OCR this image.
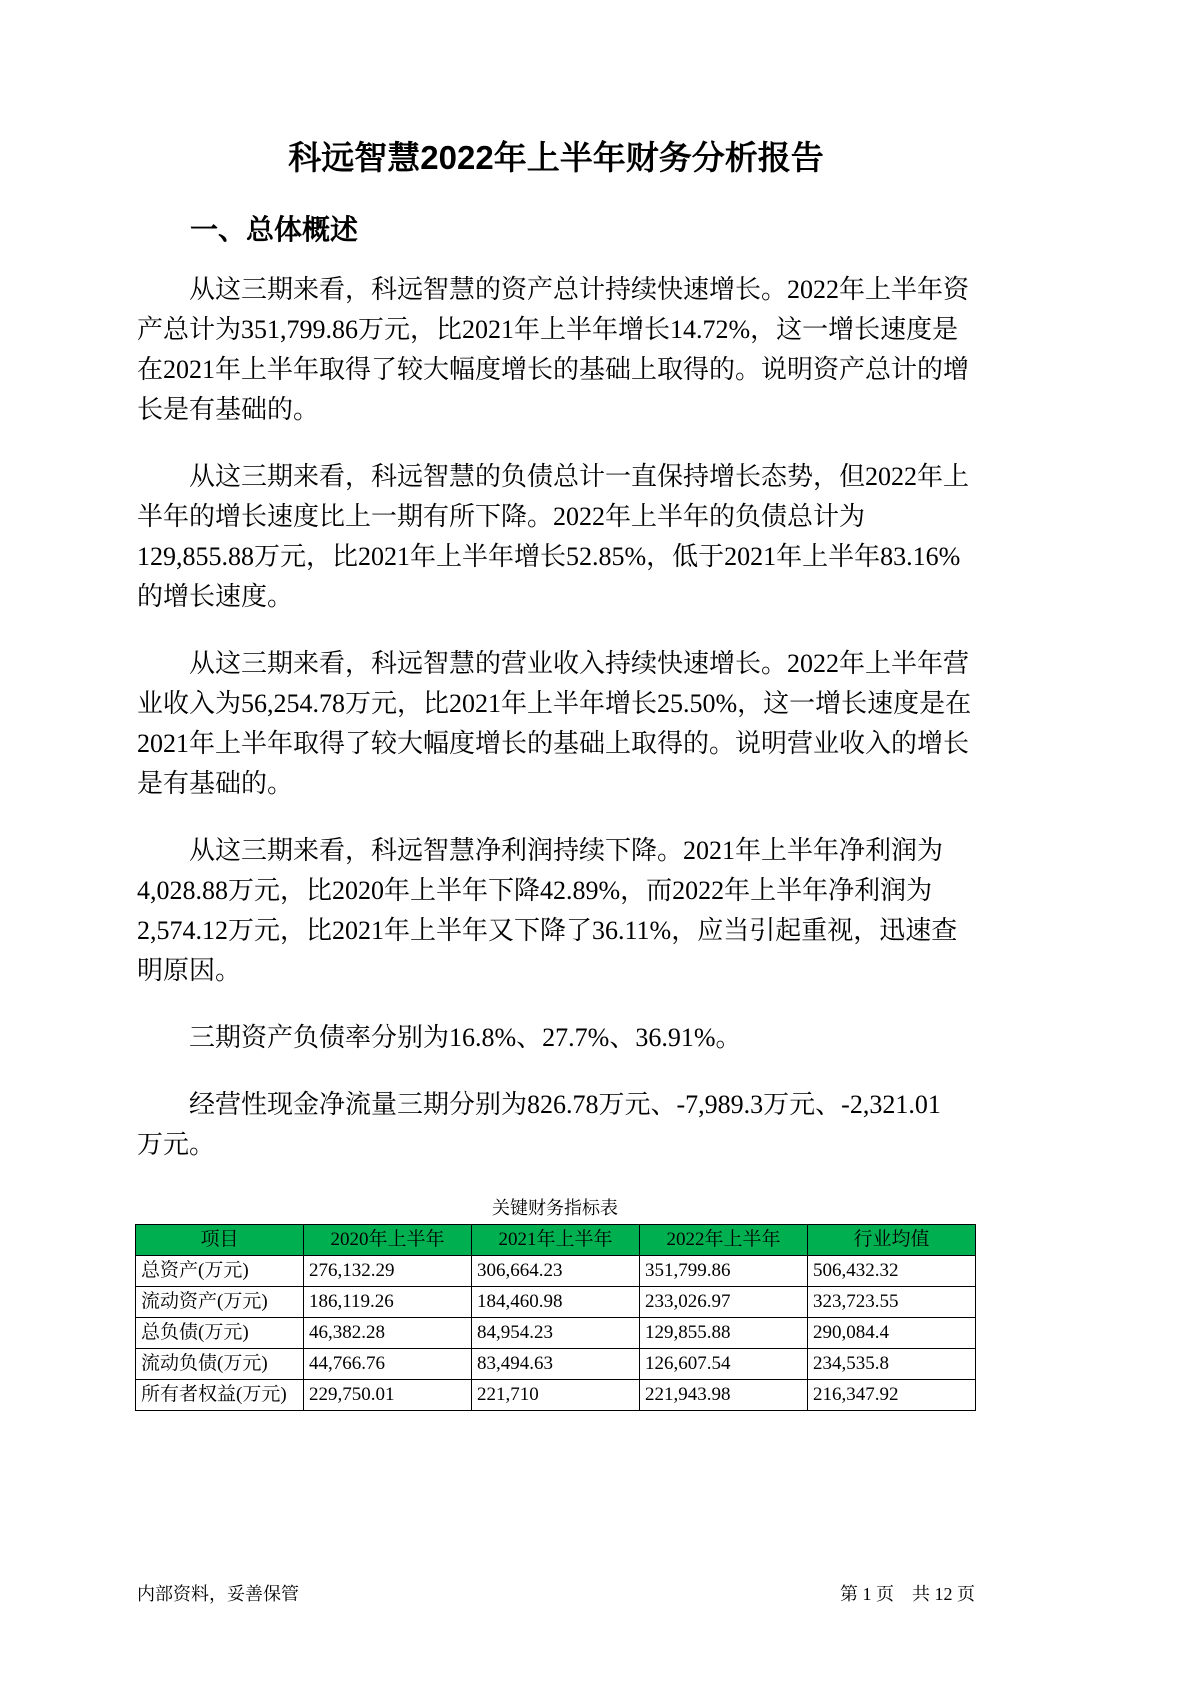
科远智慧2022年上半年财务分析报告
一、总体概述
从这三期来看，科远智慧的资产总计持续快速增长。2022年上半年资
产总计为351,799.86万元，比2021年上半年增长14.72%，这一增长速度是
在2021年上半年取得了较大幅度增长的基础上取得的。说明资产总计的增
长是有基础的。
从这三期来看，科远智慧的负债总计一直保持增长态势，但2022年上
半年的增长速度比上一期有所下降。2022年上半年的负债总计为
129,855.88万元，比2021年上半年增长52.85%，低于2021年上半年83.16%
的增长速度。
从这三期来看，科远智慧的营业收入持续快速增长。2022年上半年营
业收入为56,254.78万元，比2021年上半年增长25.50%，这一增长速度是在
2021年上半年取得了较大幅度增长的基础上取得的。说明营业收入的增长
是有基础的。
从这三期来看，科远智慧净利润持续下降。2021年上半年净利润为
4,028.88万元，比2020年上半年下降42.89%，而2022年上半年净利润为
2,574.12万元，比2021年上半年又下降了36.11%，应当引起重视，迅速查
明原因。
三期资产负债率分别为16.8%、27.7%、36.91%。
经营性现金净流量三期分别为826.78万元、-7,989.3万元、-2,321.01
万元。
关键财务指标表
项目	2020年上半年	2021年上半年	2022年上半年	行业均值
总资产(万元)	276,132.29	306,664.23	351,799.86	506,432.32
流动资产(万元)	186,119.26	184,460.98	233,026.97	323,723.55
总负债(万元)	46,382.28	84,954.23	129,855.88	290,084.4
流动负债(万元)	44,766.76	83,494.63	126,607.54	234,535.8
所有者权益(万元)	229,750.01	221,710	221,943.98	216,347.92
内部资料，妥善保管	第 1 页 共 12 页
